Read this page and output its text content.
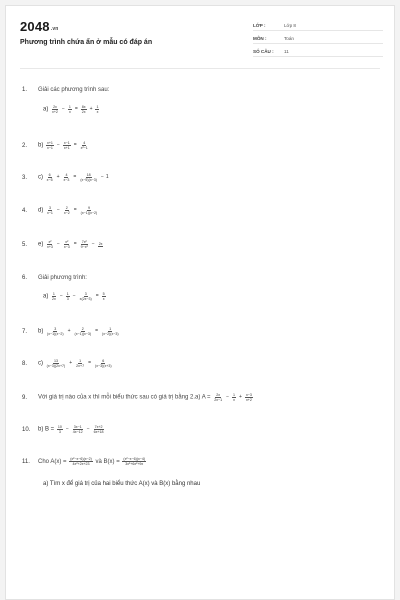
2048.vn
Phương trình chứa ẩn ở mẫu có đáp án
LỚP :	Lớp 8
MÔN :	Toán
SỐ CÂU :	11
1. Giải các phương trình sau:
$a) \frac{2x}{x+2} - \frac{1}{x} = \frac{8x}{2x} + \frac{1}{x}$
2. $b) \frac{x+1}{x-1} - \frac{x-1}{x+1} = \frac{4}{\text{x²−1}}$
3. $c) \frac{6}{x-5} + \frac{4}{x-3} = \frac{18}{(x-5)(x-3)} - 1$
4. $d) \frac{3}{x-1} - \frac{2}{x-2} = \frac{9}{(x-1)(x-2)}$
5. $e) \frac{\text{x²}}{x+3} - \frac{\text{x²}}{x-3} = \frac{\text{7x²}}{\text{9−x²}} - 2x$
6. Giải phương trình:
$a) \frac{1}{2x} - \frac{1}{3} - \frac{3}{x(2x-3)} = \frac{5}{x}$
7. $b) \frac{3}{(x-1)(x-2)} + \frac{2}{(x-1)(x-3)} = \frac{1}{(x-2)(x-3)}$
8. $c) \frac{13}{(x-3)(2x+7)} + \frac{1}{2x+7} = \frac{6}{(x-3)(x+3)}$
9. Với giá trị nào của x thì mỗi biểu thức sau có giá trị bằng 2.a) $A = \frac{2x}{2x-1} - \frac{1}{x} + \frac{x-3}{x+2}$
10. b) $B = \frac{10}{3} - \frac{3x-1}{4x-12} - \frac{7x+2}{6x+18}$
11. Cho $A(x) = \frac{\text{(x²−x−6)(x−2)}}{\text{4x²+2x+23}}$ và $B(x) = \frac{\text{(x²−x−6)(x−4)}}{\text{3x²+6x²+9x}}$
a) Tìm x để giá trị của hai biểu thức A(x) và B(x) bằng nhau
